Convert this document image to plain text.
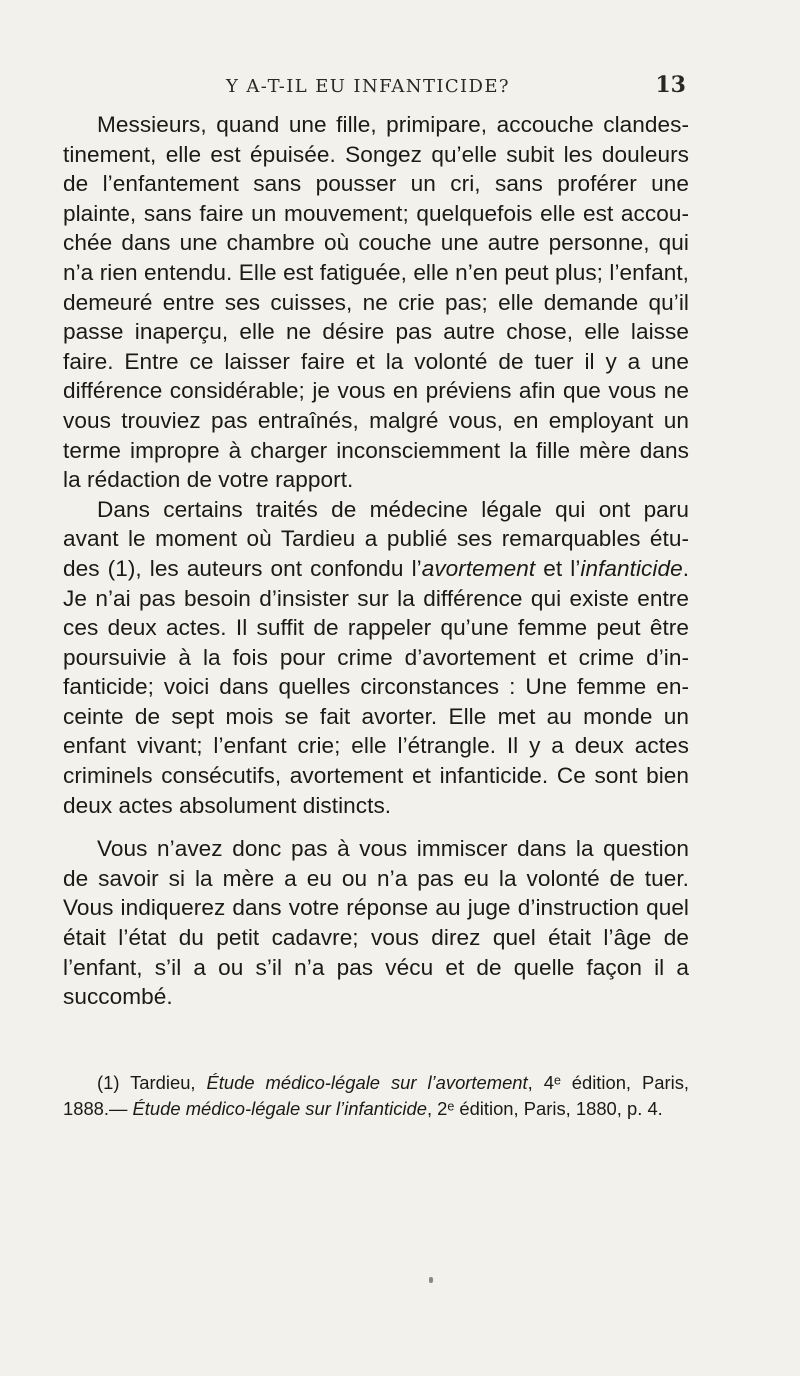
Y A-T-IL EU INFANTICIDE?	13

Messieurs, quand une fille, primipare, accouche clandestinement, elle est épuisée. Songez qu’elle subit les douleurs de l’enfantement sans pousser un cri, sans proférer une plainte, sans faire un mouvement; quelquefois elle est accouchée dans une chambre où couche une autre personne, qui n’a rien entendu. Elle est fatiguée, elle n’en peut plus; l’enfant, demeuré entre ses cuisses, ne crie pas; elle demande qu’il passe inaperçu, elle ne désire pas autre chose, elle laisse faire. Entre ce laisser faire et la volonté de tuer il y a une différence considérable; je vous en préviens afin que vous ne vous trouviez pas entraînés, malgré vous, en employant un terme impropre à charger inconsciemment la fille mère dans la rédaction de votre rapport.

Dans certains traités de médecine légale qui ont paru avant le moment où Tardieu a publié ses remarquables études (1), les auteurs ont confondu l’avortement et l’infanticide. Je n’ai pas besoin d’insister sur la différence qui existe entre ces deux actes. Il suffit de rappeler qu’une femme peut être poursuivie à la fois pour crime d’avortement et crime d’infanticide; voici dans quelles circonstances : Une femme enceinte de sept mois se fait avorter. Elle met au monde un enfant vivant; l’enfant crie; elle l’étrangle. Il y a deux actes criminels consécutifs, avortement et infanticide. Ce sont bien deux actes absolument distincts.

Vous n’avez donc pas à vous immiscer dans la question de savoir si la mère a eu ou n’a pas eu la volonté de tuer. Vous indiquerez dans votre réponse au juge d’instruction quel était l’état du petit cadavre; vous direz quel était l’âge de l’enfant, s’il a ou s’il n’a pas vécu et de quelle façon il a succombé.

(1) Tardieu, Étude médico-légale sur l’avortement, 4ᵉ édition, Paris, 1888.— Étude médico-légale sur l’infanticide, 2ᵉ édition, Paris, 1880, p. 4.
